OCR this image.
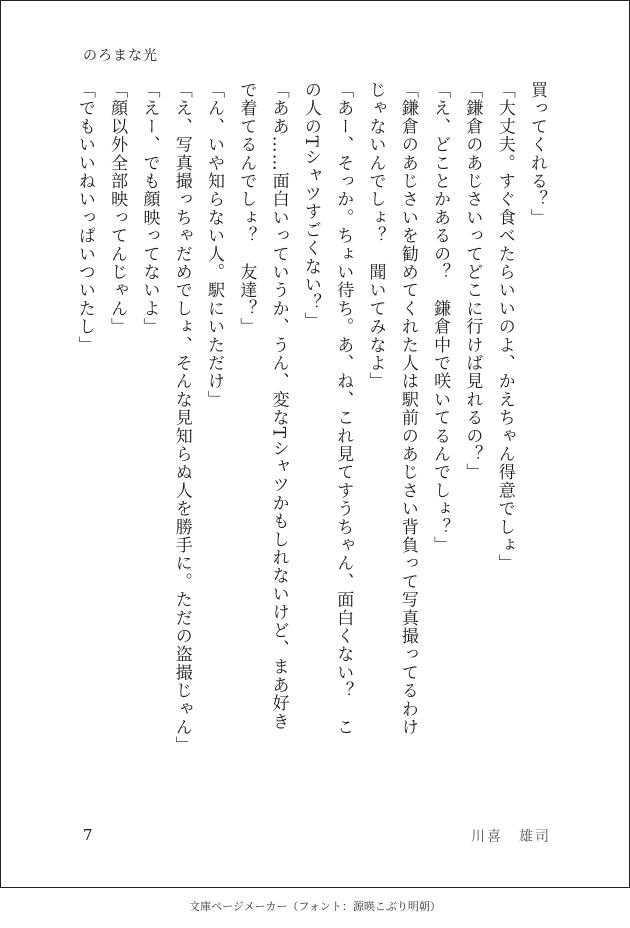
のろまな光
買ってくれる？」
「大丈夫。すぐ食べたらいいのよ、かえちゃん得意でしょ」
「鎌倉のあじさいってどこに行けば見れるの？」
「え、どことかあるの？　鎌倉中で咲いてるんでしょ？」
「鎌倉のあじさいを勧めてくれた人は駅前のあじさい背負って写真撮ってるわけ
じゃないんでしょ？　聞いてみなよ」
「あー、そっか。ちょい待ち。あ、ね、これ見てすうちゃん、面白くない？　こ
の人のTシャツすごくない？」
「ああ……面白いっていうか、うん、変なTシャツかもしれないけど、まあ好き
で着てるんでしょ？　友達？」
「ん、いや知らない人。駅にいただけ」
「え、写真撮っちゃだめでしょ、そんな見知らぬ人を勝手に。ただの盗撮じゃん」
「えー、でも顔映ってないよ」
「顔以外全部映ってんじゃん」
「でもいいねいっぱいついたし」
7	川喜　雄司
文庫ページメーカー（フォント：源暎こぶり明朝）
